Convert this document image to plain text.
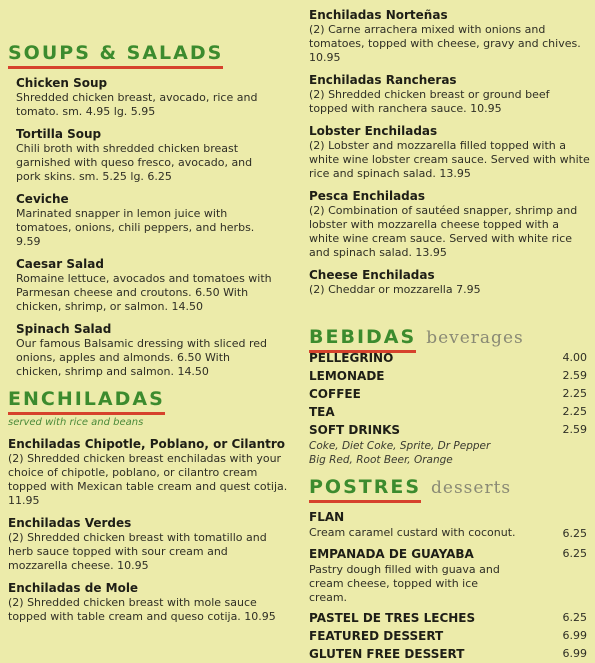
SOUPS & SALADS
Chicken Soup
Shredded chicken breast, avocado, rice and tomato. sm. 4.95 lg. 5.95
Tortilla Soup
Chili broth with shredded chicken breast garnished with queso fresco, avocado, and pork skins. sm. 5.25 lg. 6.25
Ceviche
Marinated snapper in lemon juice with tomatoes, onions, chili peppers, and herbs. 9.59
Caesar Salad
Romaine lettuce, avocados and tomatoes with Parmesan cheese and croutons. 6.50 With chicken, shrimp, or salmon. 14.50
Spinach Salad
Our famous Balsamic dressing with sliced red onions, apples and almonds. 6.50 With chicken, shrimp and salmon. 14.50
ENCHILADAS
served with rice and beans
Enchiladas Chipotle, Poblano, or Cilantro
(2) Shredded chicken breast enchiladas with your choice of chipotle, poblano, or cilantro cream topped with Mexican table cream and quest cotija. 11.95
Enchiladas Verdes
(2) Shredded chicken breast with tomatillo and herb sauce topped with sour cream and mozzarella cheese. 10.95
Enchiladas de Mole
(2) Shredded chicken breast with mole sauce topped with table cream and queso cotija. 10.95
Enchiladas Norteñas
(2) Carne arrachera mixed with onions and tomatoes, topped with cheese, gravy and chives. 10.95
Enchiladas Rancheras
(2) Shredded chicken breast or ground beef topped with ranchera sauce. 10.95
Lobster Enchiladas
(2) Lobster and mozzarella filled topped with a white wine lobster cream sauce. Served with white rice and spinach salad. 13.95
Pesca Enchiladas
(2) Combination of sautéed snapper, shrimp and lobster with mozzarella cheese topped with a white wine cream sauce. Served with white rice and spinach salad. 13.95
Cheese Enchiladas
(2) Cheddar or mozzarella 7.95
BEBIDAS beverages
PELLEGRINO	4.00
LEMONADE	2.59
COFFEE	2.25
TEA	2.25
SOFT DRINKS	2.59
Coke, Diet Coke, Sprite, Dr Pepper
Big Red, Root Beer, Orange
POSTRES desserts
FLAN
Cream caramel custard with coconut.	6.25
EMPANADA DE GUAYABA	6.25
Pastry dough filled with guava and cream cheese, topped with ice cream.
PASTEL DE TRES LECHES	6.25
FEATURED DESSERT	6.99
GLUTEN FREE DESSERT	6.99
